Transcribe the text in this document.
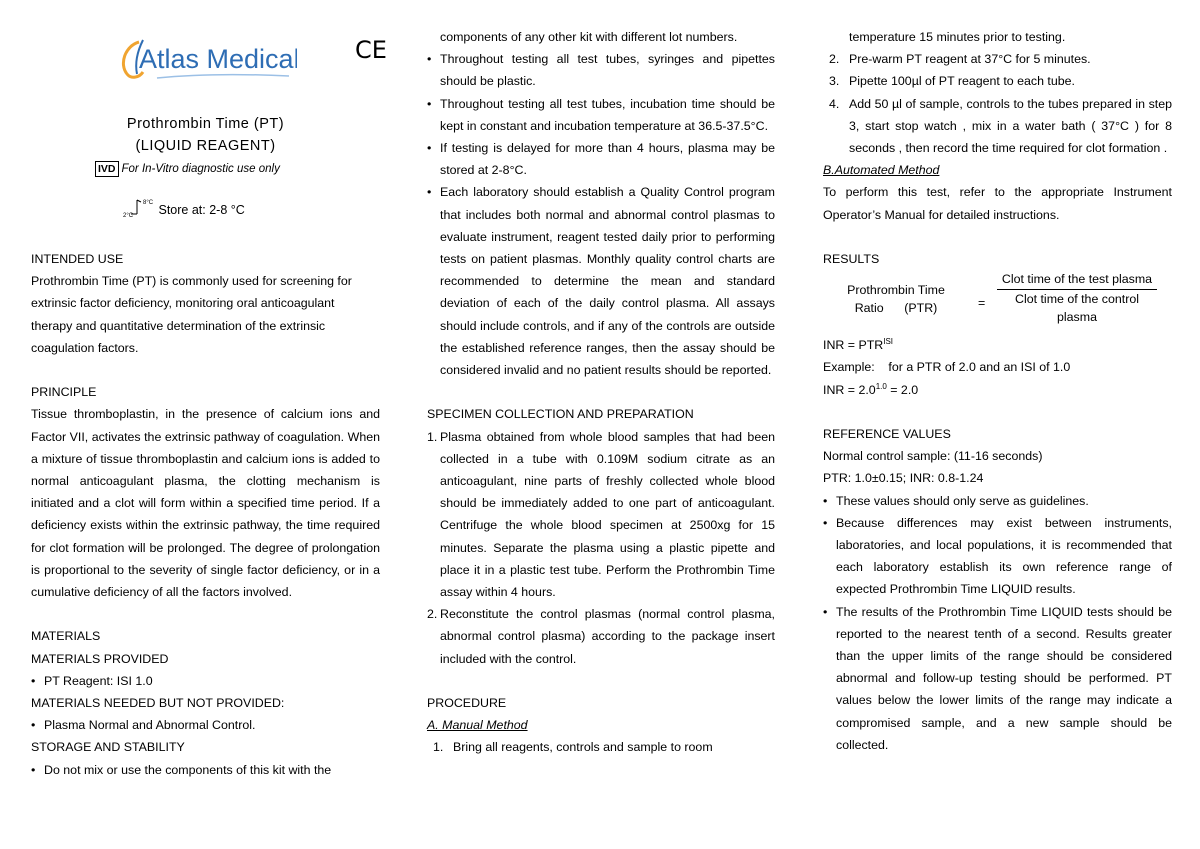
Atlas Medical CE
Prothrombin Time (PT)
(LIQUID REAGENT)
IVD For In-Vitro diagnostic use only
2°C
8°C Store at: 2-8 °C

INTENDED USE

Prothrombin Time (PT) is commonly used for screening for

extrinsic factor deficiency, monitoring oral anticoagulant

therapy and quantitative determination of the extrinsic

coagulation factors.

PRINCIPLE

Tissue thromboplastin, in the presence of calcium ions and Factor VII, activates the extrinsic pathway of coagulation. When a mixture of tissue thromboplastin and calcium ions is added to normal anticoagulant plasma, the clotting mechanism is initiated and a clot will form within a specified time period. If a deficiency exists within the extrinsic pathway, the time required for clot formation will be prolonged. The degree of prolongation is proportional to the severity of single factor deficiency, or in a cumulative deficiency of all the factors involved.

MATERIALS

MATERIALS PROVIDED

• PT Reagent: ISI 1.0

MATERIALS NEEDED BUT NOT PROVIDED:

• Plasma Normal and Abnormal Control.

STORAGE AND STABILITY

• Do not mix or use the components of this kit with the

components of any other kit with different lot numbers.

• Throughout testing all test tubes, syringes and pipettes should be plastic.
• Throughout testing all test tubes, incubation time should be kept in constant and incubation temperature at 36.5-37.5°C.
• If testing is delayed for more than 4 hours, plasma may be stored at 2-8°C.
• Each laboratory should establish a Quality Control program that includes both normal and abnormal control plasmas to evaluate instrument, reagent tested daily prior to performing tests on patient plasmas. Monthly quality control charts are recommended to determine the mean and standard deviation of each of the daily control plasma. All assays should include controls, and if any of the controls are outside the established reference ranges, then the assay should be considered invalid and no patient results should be reported.

SPECIMEN COLLECTION AND PREPARATION

1. Plasma obtained from whole blood samples that had been collected in a tube with 0.109M sodium citrate as an anticoagulant, nine parts of freshly collected whole blood should be immediately added to one part of anticoagulant. Centrifuge the whole blood specimen at 2500xg for 15 minutes. Separate the plasma using a plastic pipette and place it in a plastic test tube. Perform the Prothrombin Time assay within 4 hours.
2. Reconstitute the control plasmas (normal control plasma, abnormal control plasma) according to the package insert included with the control.

PROCEDURE

A. Manual Method

1. Bring all reagents, controls and sample to room

temperature 15 minutes prior to testing.

2. Pre-warm PT reagent at 37°C for 5 minutes.
3. Pipette 100µl of PT reagent to each tube.
4. Add 50 µl of sample, controls to the tubes prepared in step 3, start stop watch , mix in a water bath ( 37°C ) for 8 seconds , then record the time required for clot formation .

B.Automated Method

To perform this test, refer to the appropriate Instrument Operator’s Manual for detailed instructions.

RESULTS

Prothrombin Time
Ratio      (PTR)	=
Clot time of the test plasma
Clot time of the control plasma

INR = $PTR^{ISI}$

Example:    for a PTR of 2.0 and an ISI of 1.0

INR = $2.0^{1.0} = 2.0$

REFERENCE VALUES

Normal control sample: (11-16 seconds)

PTR: 1.0±0.15; INR: 0.8-1.24

• These values should only serve as guidelines.
• Because differences may exist between instruments, laboratories, and local populations, it is recommended that each laboratory establish its own reference range of expected Prothrombin Time LIQUID results.
• The results of the Prothrombin Time LIQUID tests should be reported to the nearest tenth of a second. Results greater than the upper limits of the range should be considered abnormal and follow-up testing should be performed. PT values below the lower limits of the range may indicate a compromised sample, and a new sample should be collected.
